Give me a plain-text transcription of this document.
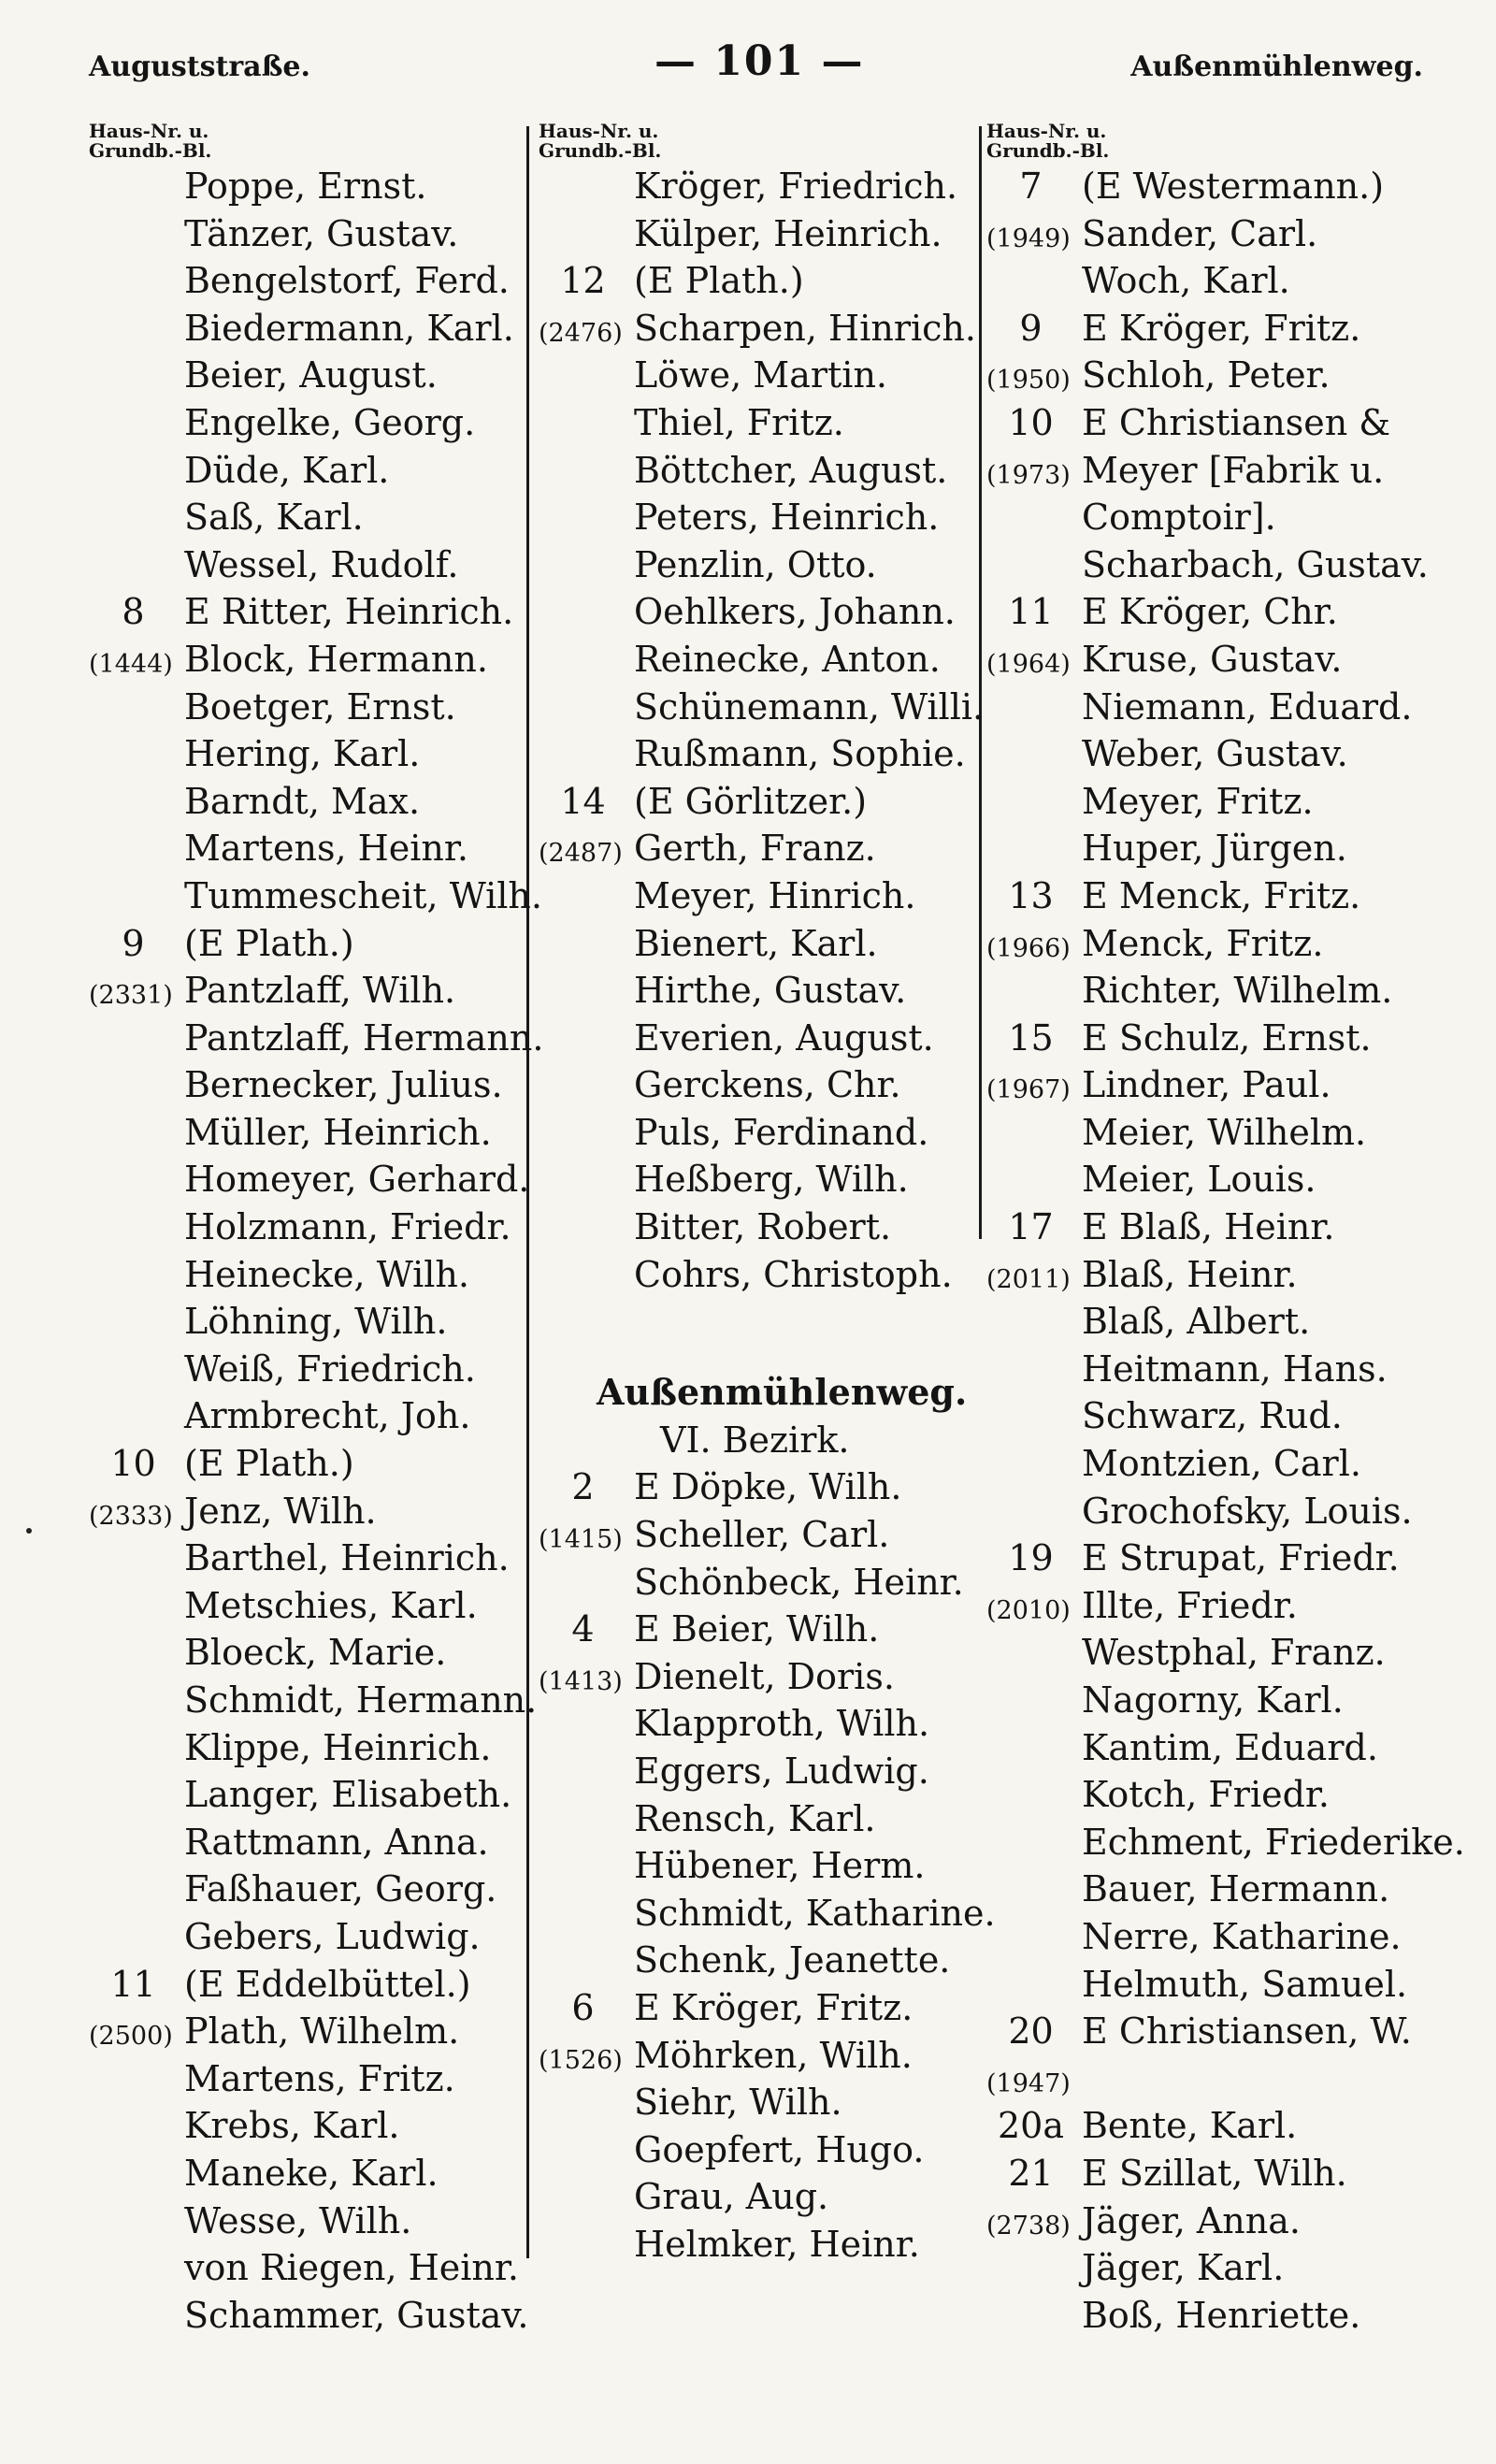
Auguststraße.	— 101 —	Außenmühlenweg.
Haus-Nr. u.
Grundb.-Bl.
Poppe, Ernst.
Tänzer, Gustav.
Bengelstorf, Ferd.
Biedermann, Karl.
Beier, August.
Engelke, Georg.
Düde, Karl.
Saß, Karl.
Wessel, Rudolf.
8	E Ritter, Heinrich.
(1444) Block, Hermann.
Boetger, Ernst.
Hering, Karl.
Barndt, Max.
Martens, Heinr.
Tummescheit, Wilh.
9	(E Plath.)
(2331) Pantzlaff, Wilh.
Pantzlaff, Hermann.
Bernecker, Julius.
Müller, Heinrich.
Homeyer, Gerhard.
Holzmann, Friedr.
Heinecke, Wilh.
Löhning, Wilh.
Weiß, Friedrich.
Armbrecht, Joh.
10 (E Plath.)
(2333) Jenz, Wilh.
Barthel, Heinrich.
Metschies, Karl.
Bloeck, Marie.
Schmidt, Hermann.
Klippe, Heinrich.
Langer, Elisabeth.
Rattmann, Anna.
Faßhauer, Georg.
Gebers, Ludwig.
11 (E Eddelbüttel.)
(2500) Plath, Wilhelm.
Martens, Fritz.
Krebs, Karl.
Maneke, Karl.
Wesse, Wilh.
von Riegen, Heinr.
Schammer, Gustav.
Haus-Nr. u.
Grundb.-Bl.
Kröger, Friedrich.
Külper, Heinrich.
12 (E Plath.)
(2476) Scharpen, Hinrich.
Löwe, Martin.
Thiel, Fritz.
Böttcher, August.
Peters, Heinrich.
Penzlin, Otto.
Oehlkers, Johann.
Reinecke, Anton.
Schünemann, Willi.
Rußmann, Sophie.
14 (E Görlitzer.)
(2487) Gerth, Franz.
Meyer, Hinrich.
Bienert, Karl.
Hirthe, Gustav.
Everien, August.
Gerckens, Chr.
Puls, Ferdinand.
Heßberg, Wilh.
Bitter, Robert.
Cohrs, Christoph.
Außenmühlenweg.
VI. Bezirk.
2	E Döpke, Wilh.
(1415) Scheller, Carl.
Schönbeck, Heinr.
4	E Beier, Wilh.
(1413) Dienelt, Doris.
Klapproth, Wilh.
Eggers, Ludwig.
Rensch, Karl.
Hübener, Herm.
Schmidt, Katharine.
Schenk, Jeanette.
6	E Kröger, Fritz.
(1526) Möhrken, Wilh.
Siehr, Wilh.
Goepfert, Hugo.
Grau, Aug.
Helmker, Heinr.
Haus-Nr. u.
Grundb.-Bl.
7	(E Westermann.)
(1949) Sander, Carl.
Woch, Karl.
9	E Kröger, Fritz.
(1950) Schloh, Peter.
10 E Christiansen &
(1973) Meyer [Fabrik u.
Comptoir].
Scharbach, Gustav.
11 E Kröger, Chr.
(1964) Kruse, Gustav.
Niemann, Eduard.
Weber, Gustav.
Meyer, Fritz.
Huper, Jürgen.
13 E Menck, Fritz.
(1966) Menck, Fritz.
Richter, Wilhelm.
15 E Schulz, Ernst.
(1967) Lindner, Paul.
Meier, Wilhelm.
Meier, Louis.
17 E Blaß, Heinr.
(2011) Blaß, Heinr.
Blaß, Albert.
Heitmann, Hans.
Schwarz, Rud.
Montzien, Carl.
Grochofsky, Louis.
19 E Strupat, Friedr.
(2010) Illte, Friedr.
Westphal, Franz.
Nagorny, Karl.
Kantim, Eduard.
Kotch, Friedr.
Echment, Friederike.
Bauer, Hermann.
Nerre, Katharine.
Helmuth, Samuel.
20 E Christiansen, W.
(1947)
20a Bente, Karl.
21 E Szillat, Wilh.
(2738) Jäger, Anna.
Jäger, Karl.
Boß, Henriette.
